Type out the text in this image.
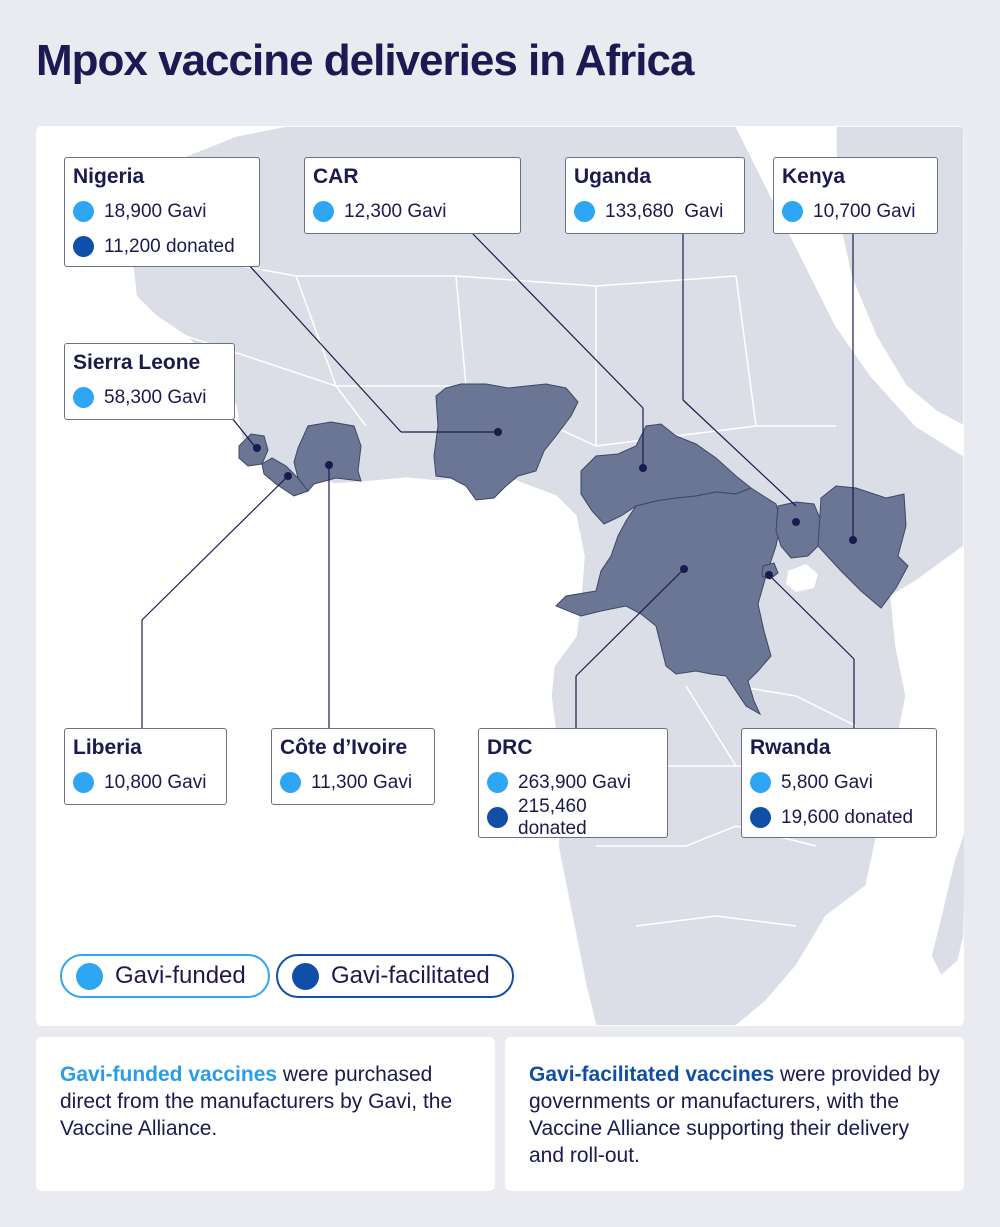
Mpox vaccine deliveries in Africa
Nigeria
18,900 Gavi
11,200 donated
CAR
12,300 Gavi
Uganda
133,680  Gavi
Kenya
10,700 Gavi
Sierra Leone
58,300 Gavi
Liberia
10,800 Gavi
Côte d’Ivoire
11,300 Gavi
DRC
263,900 Gavi
215,460 donated
Rwanda
5,800 Gavi
19,600 donated
Gavi-funded	Gavi-facilitated
Gavi-funded vaccines were purchased direct from the manufacturers by Gavi, the Vaccine Alliance.
Gavi-facilitated vaccines were provided by governments or manufacturers, with the Vaccine Alliance supporting their delivery and roll-out.
